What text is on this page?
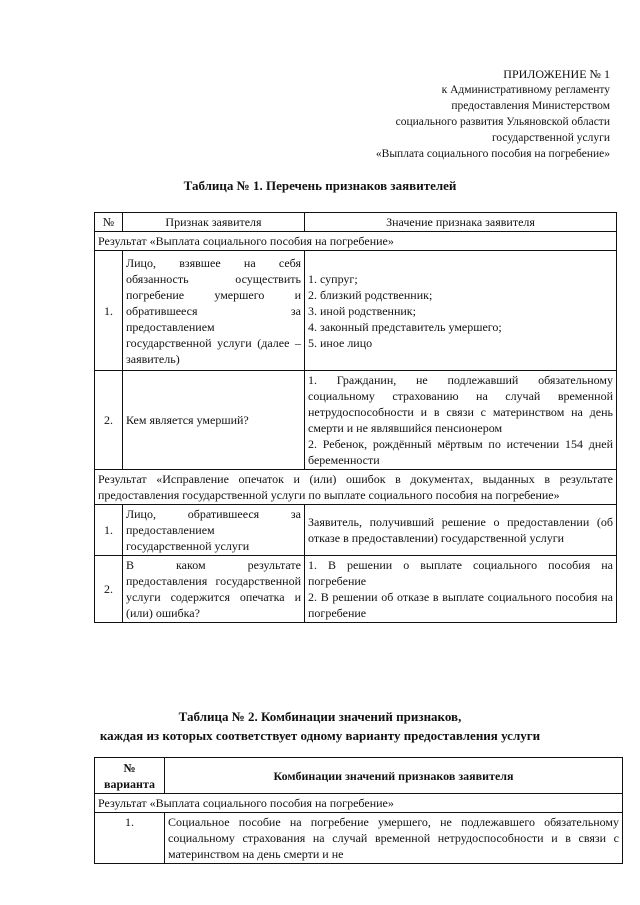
ПРИЛОЖЕНИЕ № 1
к Административному регламенту
предоставления Министерством
социального развития Ульяновской области
государственной услуги
«Выплата социального пособия на погребение»
Таблица № 1. Перечень признаков заявителей
№	Признак заявителя	Значение признака заявителя
Результат «Выплата социального пособия на погребение»		
1.	Лицо, взявшее на себя обязанность осуществить погребение умершего и обратившееся за предоставлением государственной услуги (далее – заявитель)	1. супруг;
2. близкий родственник;
3. иной родственник;
4. законный представитель умершего;
5. иное лицо

2.	Кем является умерший?	1. Гражданин, не подлежавший обязательному социальному страхованию на случай временной нетрудоспособности и в связи с материнством на день смерти и не являвшийся пенсионером
2. Ребенок, рождённый мёртвым по истечении 154 дней беременности

Результат «Исправление опечаток и (или) ошибок в документах, выданных в результате предоставления государственной услуги по выплате социального пособия на погребение»		
1.	Лицо, обратившееся за предоставлением государственной услуги	Заявитель, получивший решение о предоставлении (об отказе в предоставлении) государственной услуги
2.	В каком результате предоставления государственной услуги содержится опечатка и (или) ошибка?	1. В решении о выплате социального пособия на погребение
2. В решении об отказе в выплате социального пособия на погребение
Таблица № 2. Комбинации значений признаков,
каждая из которых соответствует одному варианту предоставления услуги
№ варианта	Комбинации значений признаков заявителя
Результат «Выплата социального пособия на погребение»	
1.	Социальное пособие на погребение умершего, не подлежавшего обязательному социальному страхования на случай временной нетрудоспособности и в связи с материнством на день смерти и не
